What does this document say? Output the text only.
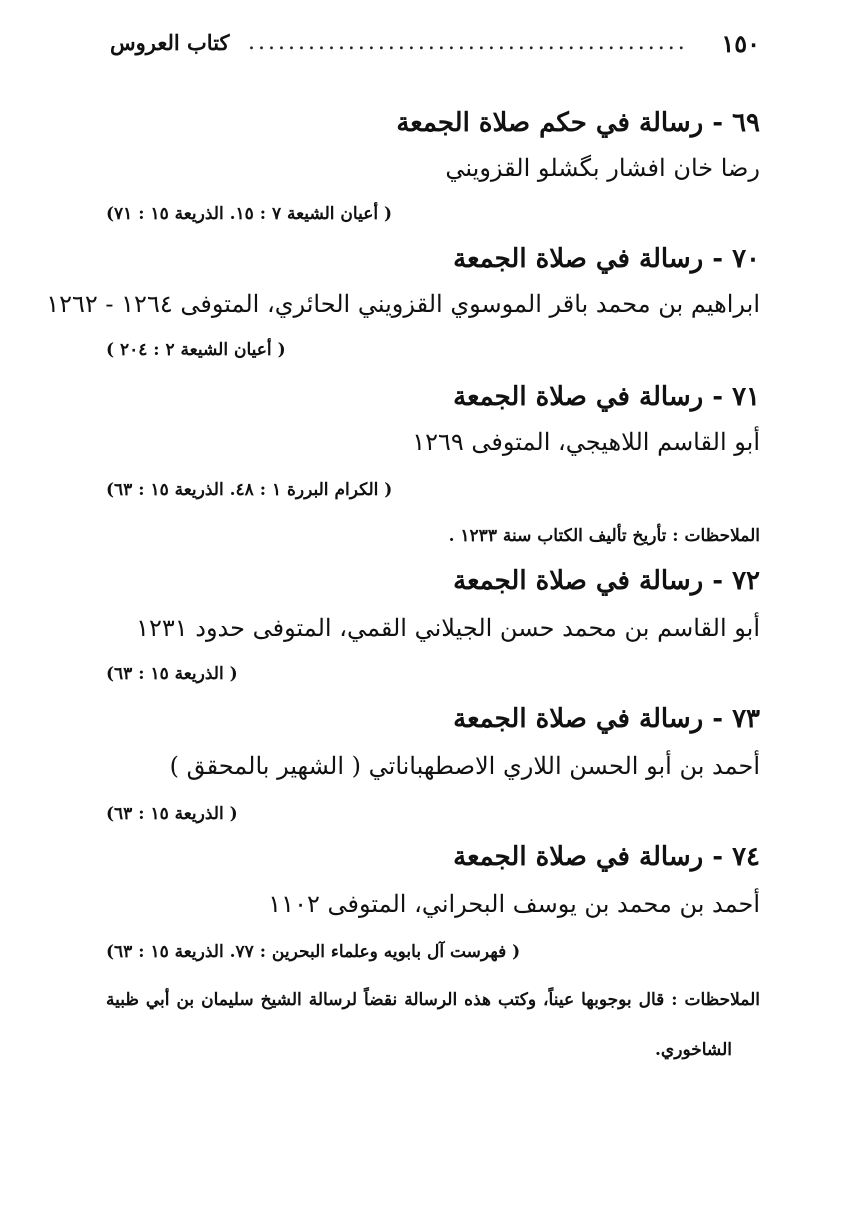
١٥٠
............................................
كتاب العروس
٦٩ - رسالة في حكم صلاة الجمعة
رضا خان افشار بگشلو القزويني
( أعيان الشيعة ٧ : ١٥. الذريعة ١٥ : ٧١)
٧٠ - رسالة في صلاة الجمعة
ابراهيم بن محمد باقر الموسوي القزويني الحائري، المتوفى ١٢٦٤ - ١٢٦٢
( أعيان الشيعة ٢ : ٢٠٤ )
٧١ - رسالة في صلاة الجمعة
أبو القاسم اللاهيجي، المتوفى ١٢٦٩
( الكرام البررة ١ : ٤٨. الذريعة ١٥ : ٦٣)
الملاحظات : تأريخ تأليف الكتاب سنة ١٢٣٣ .
٧٢ - رسالة في صلاة الجمعة
أبو القاسم بن محمد حسن الجيلاني القمي، المتوفى حدود ١٢٣١
( الذريعة ١٥ : ٦٣)
٧٣ - رسالة في صلاة الجمعة
أحمد بن أبو الحسن اللاري الاصطهباناتي ( الشهير بالمحقق )
( الذريعة ١٥ : ٦٣)
٧٤ - رسالة في صلاة الجمعة
أحمد بن محمد بن يوسف البحراني، المتوفى ١١٠٢
( فهرست آل بابويه وعلماء البحرين : ٧٧. الذريعة ١٥ : ٦٣)
الملاحظات : قال بوجوبها عيناً، وكتب هذه الرسالة نقضاً لرسالة الشيخ سليمان بن أبي ظبية
الشاخوري.
